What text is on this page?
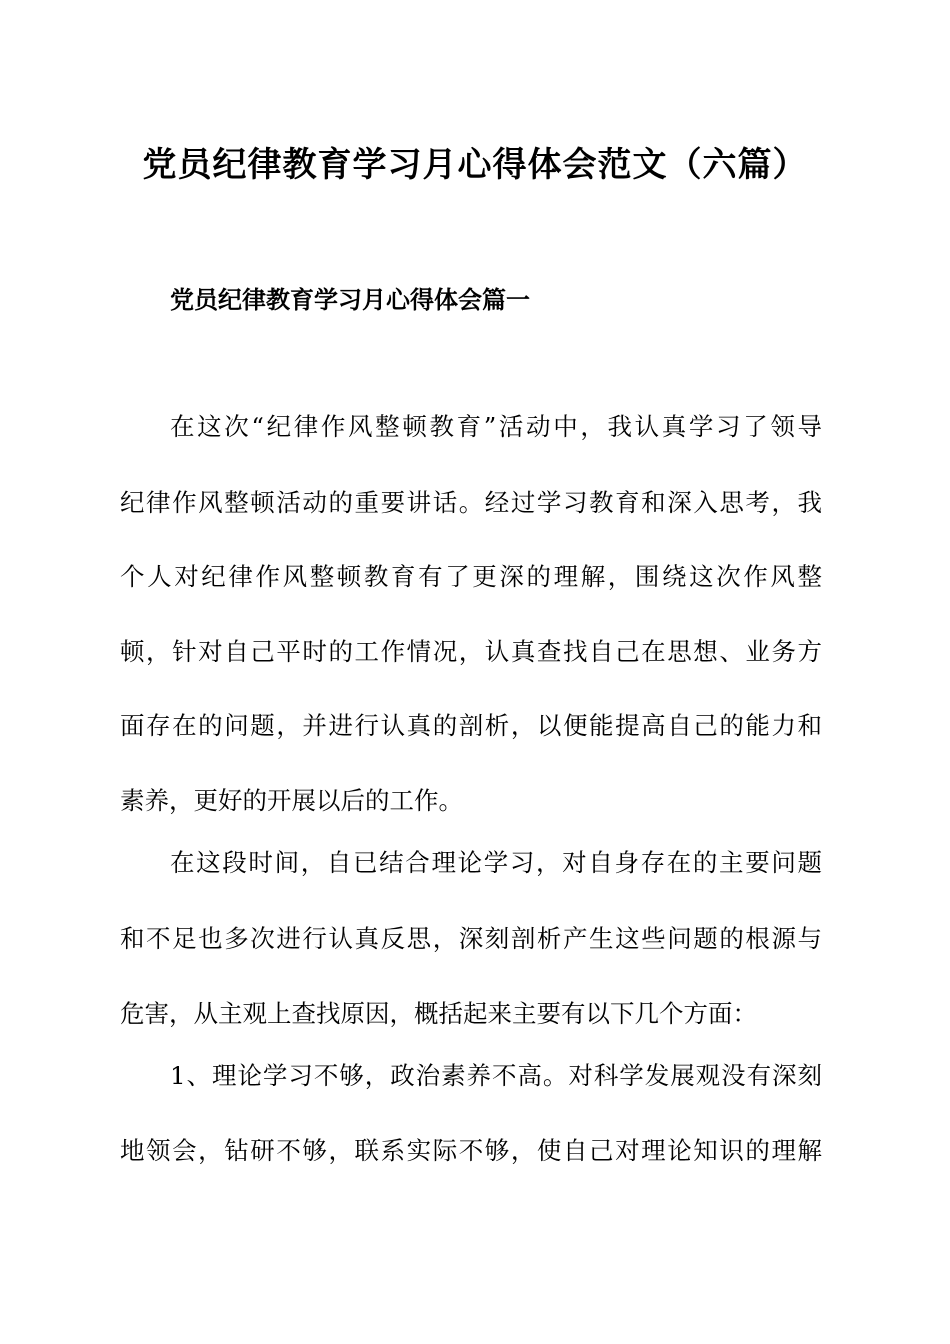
党员纪律教育学习月心得体会范文（六篇）
党员纪律教育学习月心得体会篇一
在这次“纪律作风整顿教育”活动中，我认真学习了领导
纪律作风整顿活动的重要讲话。经过学习教育和深入思考，我
个人对纪律作风整顿教育有了更深的理解，围绕这次作风整
顿，针对自己平时的工作情况，认真查找自己在思想、业务方
面存在的问题，并进行认真的剖析，以便能提高自己的能力和
素养，更好的开展以后的工作。
在这段时间，自已结合理论学习，对自身存在的主要问题
和不足也多次进行认真反思，深刻剖析产生这些问题的根源与
危害，从主观上查找原因，概括起来主要有以下几个方面：
1、理论学习不够，政治素养不高。对科学发展观没有深刻
地领会，钻研不够，联系实际不够，使自己对理论知识的理解
